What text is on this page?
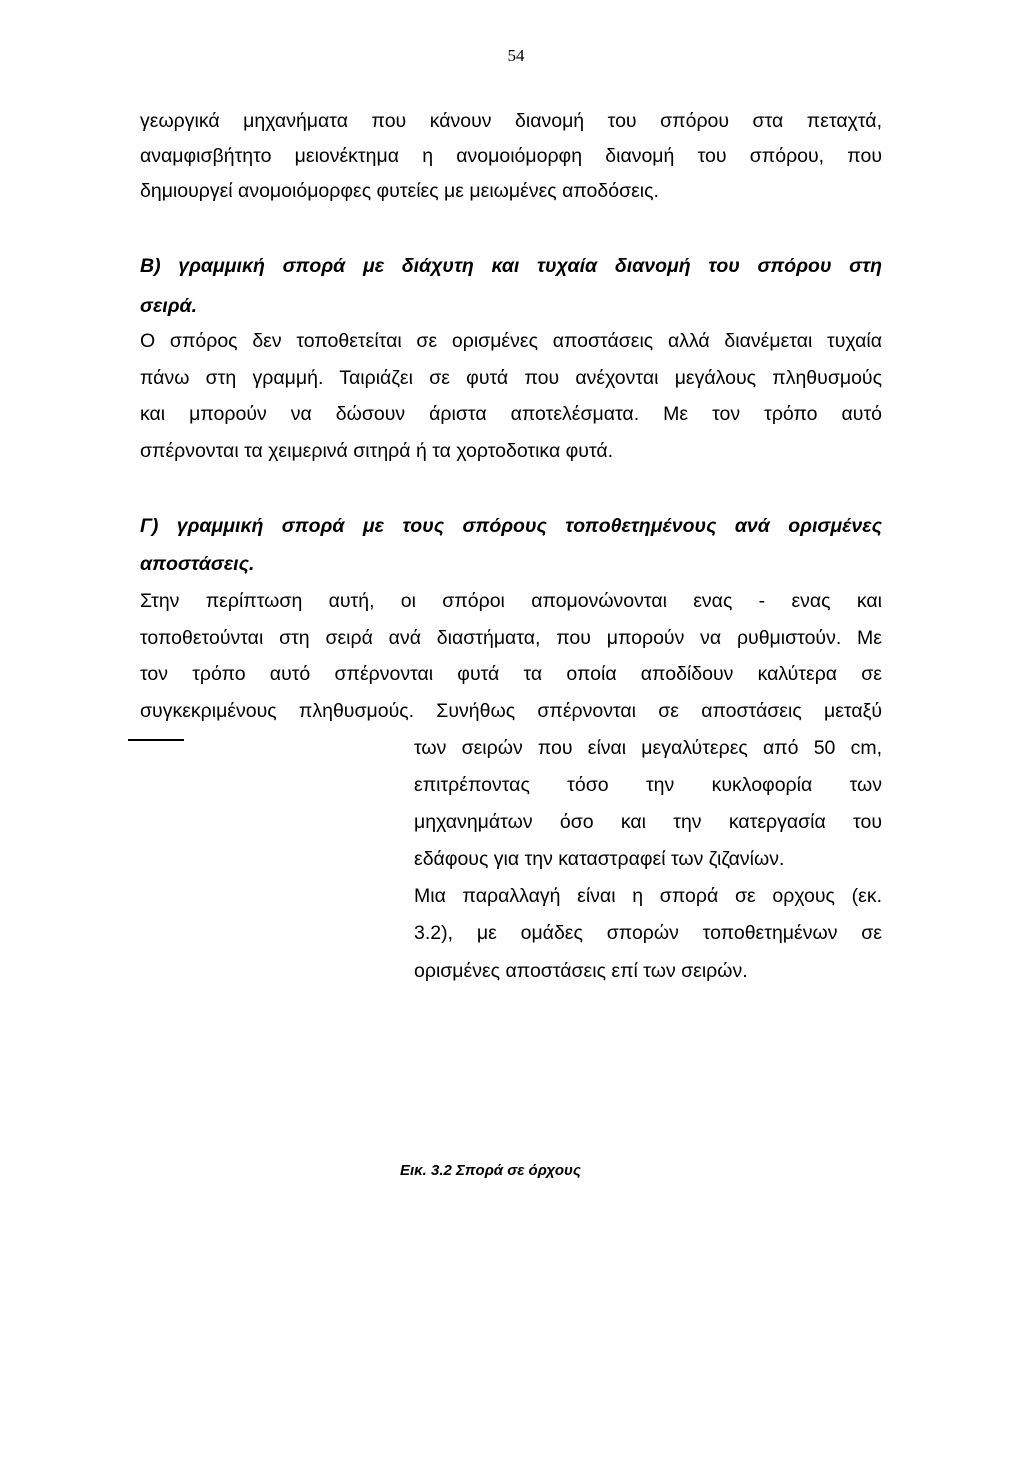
54
γεωργικά μηχανήματα που κάνουν διανομή του σπόρου στα πεταχτά,
αναμφισβήτητο μειονέκτημα η ανομοιόμορφη διανομή του σπόρου, που
δημιουργεί ανομοιόμορφες φυτείες με μειωμένες αποδόσεις.
Β) γραμμική σπορά με διάχυτη και τυχαία διανομή του σπόρου στη
σειρά.
Ο σπόρος δεν τοποθετείται σε ορισμένες αποστάσεις αλλά διανέμεται τυχαία
πάνω στη γραμμή. Ταιριάζει σε φυτά που ανέχονται μεγάλους πληθυσμούς
και μπορούν να δώσουν άριστα αποτελέσματα. Με τον τρόπο αυτό
σπέρνονται τα χειμερινά σιτηρά ή τα χορτοδοτικα φυτά.
Γ) γραμμική σπορά με τους σπόρους τοποθετημένους ανά ορισμένες
αποστάσεις.
Στην περίπτωση αυτή, οι σπόροι απομονώνονται ενας - ενας και
τοποθετούνται στη σειρά ανά διαστήματα, που μπορούν να ρυθμιστούν. Με
τον τρόπο αυτό σπέρνονται φυτά τα οποία αποδίδουν καλύτερα σε
συγκεκριμένους πληθυσμούς. Συνήθως σπέρνονται σε αποστάσεις μεταξύ
των σειρών που είναι μεγαλύτερες από 50 cm,
επιτρέποντας τόσο την κυκλοφορία των
μηχανημάτων όσο και την κατεργασία του
εδάφους για την καταστραφεί των ζιζανίων.
Μια παραλλαγή είναι η σπορά σε ορχους (εκ.
3.2), με ομάδες σπορών τοποθετημένων σε
ορισμένες αποστάσεις επί των σειρών.
Εικ. 3.2 Σπορά σε όρχους
